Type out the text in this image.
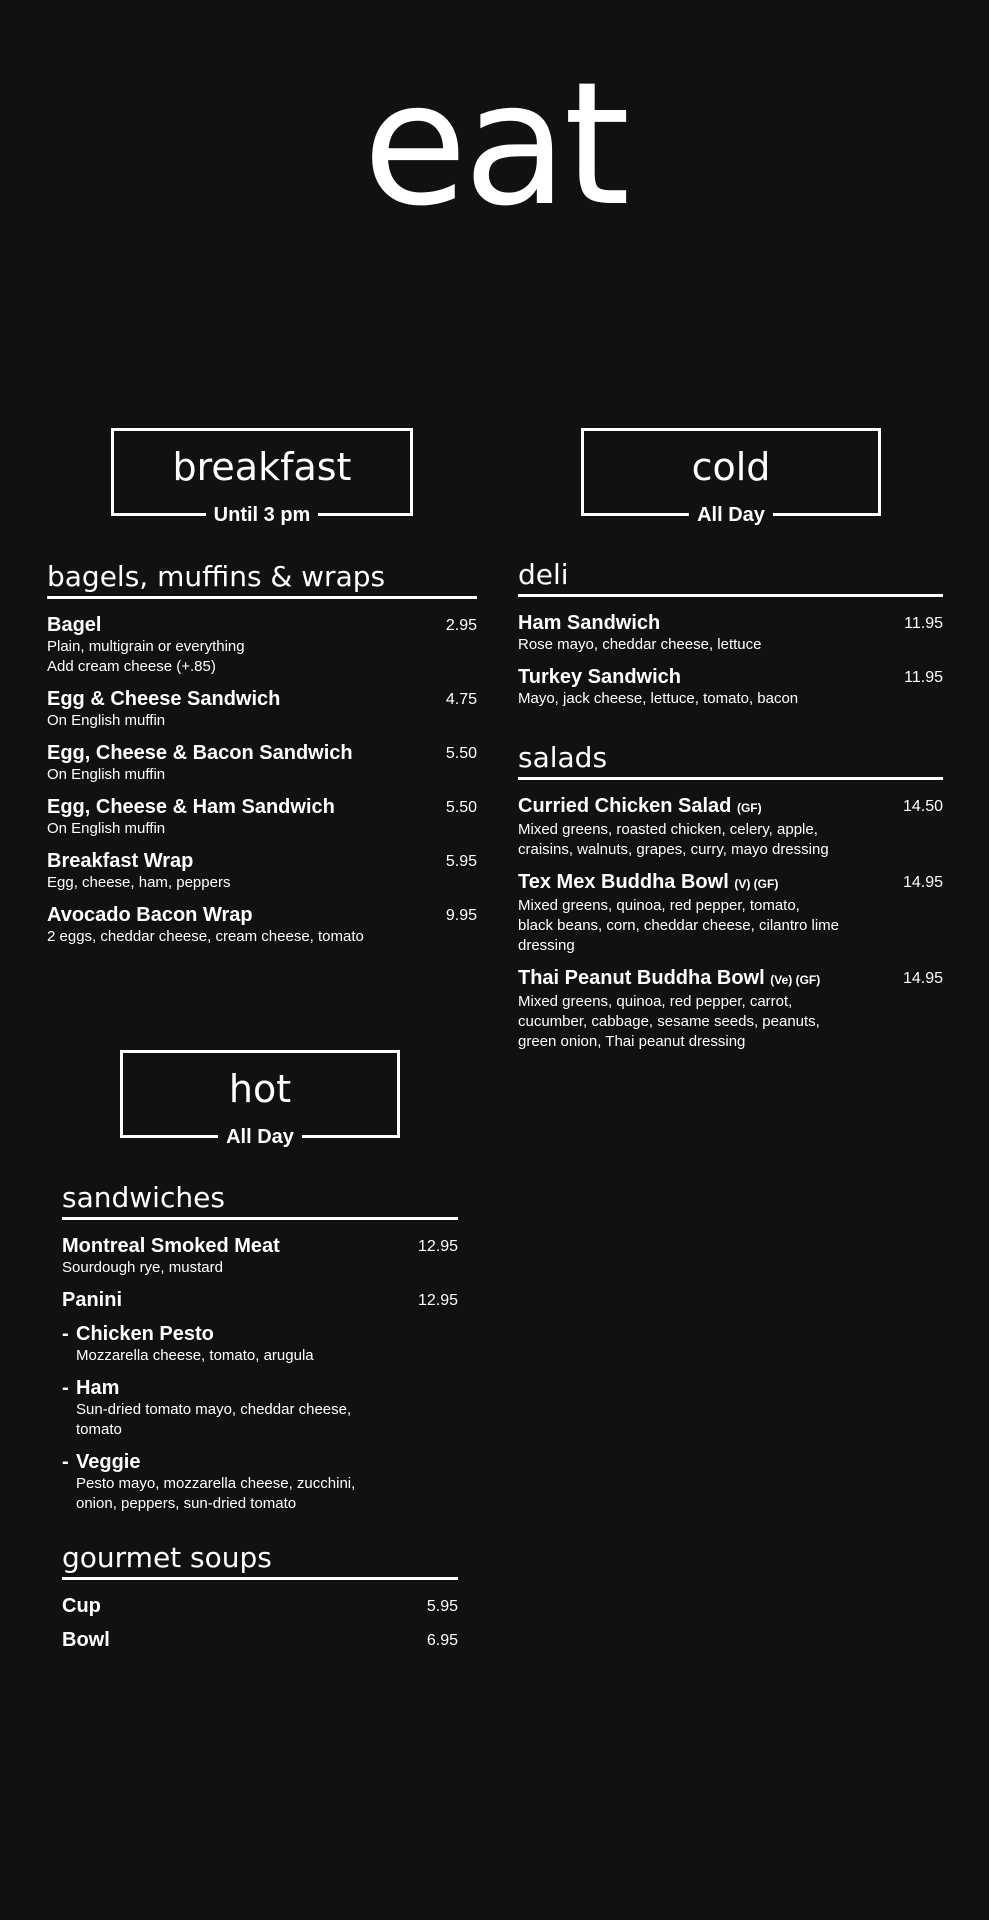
eat
breakfast
Until 3 pm
cold
All Day
hot
All Day
bagels, muffins & wraps
Bagel	2.95
Plain, multigrain or everything
Add cream cheese (+.85)
Egg & Cheese Sandwich	4.75
On English muffin
Egg, Cheese & Bacon Sandwich	5.50
On English muffin
Egg, Cheese & Ham Sandwich	5.50
On English muffin
Breakfast Wrap	5.95
Egg, cheese, ham, peppers
Avocado Bacon Wrap	9.95
2 eggs, cheddar cheese, cream cheese, tomato
deli
Ham Sandwich	11.95
Rose mayo, cheddar cheese, lettuce
Turkey Sandwich	11.95
Mayo, jack cheese, lettuce, tomato, bacon
salads
Curried Chicken Salad (GF)	14.50
Mixed greens, roasted chicken, celery, apple,
craisins, walnuts, grapes, curry, mayo dressing
Tex Mex Buddha Bowl (V) (GF)	14.95
Mixed greens, quinoa, red pepper, tomato,
black beans, corn, cheddar cheese, cilantro lime
dressing
Thai Peanut Buddha Bowl (Ve) (GF)	14.95
Mixed greens, quinoa, red pepper, carrot,
cucumber, cabbage, sesame seeds, peanuts,
green onion, Thai peanut dressing
sandwiches
Montreal Smoked Meat	12.95
Sourdough rye, mustard
Panini	12.95
- Chicken Pesto
Mozzarella cheese, tomato, arugula
- Ham
Sun-dried tomato mayo, cheddar cheese,
tomato
- Veggie
Pesto mayo, mozzarella cheese, zucchini,
onion, peppers, sun-dried tomato
gourmet soups
Cup	5.95
Bowl	6.95
